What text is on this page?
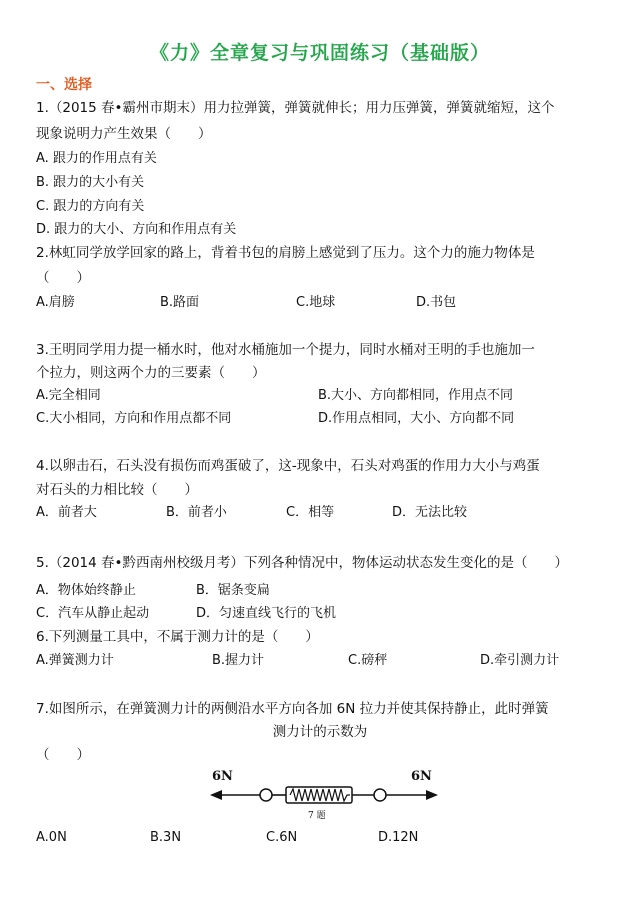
《力》全章复习与巩固练习（基础版）
一、选择
1.（2015 春•霸州市期末）用力拉弹簧，弹簧就伸长；用力压弹簧，弹簧就缩短，这个
现象说明力产生效果（　　）
A. 跟力的作用点有关
B. 跟力的大小有关
C. 跟力的方向有关
D. 跟力的大小、方向和作用点有关
2.林虹同学放学回家的路上，背着书包的肩膀上感觉到了压力。这个力的施力物体是
（　　）
A.肩膀	B.路面	C.地球	D.书包
3.王明同学用力提一桶水时，他对水桶施加一个提力，同时水桶对王明的手也施加一
个拉力，则这两个力的三要素（　　）
A.完全相同	B.大小、方向都相同，作用点不同
C.大小相同，方向和作用点都不同	D.作用点相同，大小、方向都不同
4.以卵击石，石头没有损伤而鸡蛋破了，这-现象中，石头对鸡蛋的作用力大小与鸡蛋
对石头的力相比较（　　）
A．前者大	B．前者小	C．相等	D．无法比较
5.（2014 春•黔西南州校级月考）下列各种情况中，物体运动状态发生变化的是（　　）
A．物体始终静止	B．锯条变扁
C．汽车从静止起动	D．匀速直线飞行的飞机
6.下列测量工具中，不属于测力计的是（　　）
A.弹簧测力计	B.握力计	C.磅秤	D.牵引测力计
7.如图所示，在弹簧测力计的两侧沿水平方向各加 6N 拉力并使其保持静止，此时弹簧
测力计的示数为
（　　）
6N	6N
7 题
A.0N	B.3N	C.6N	D.12N
